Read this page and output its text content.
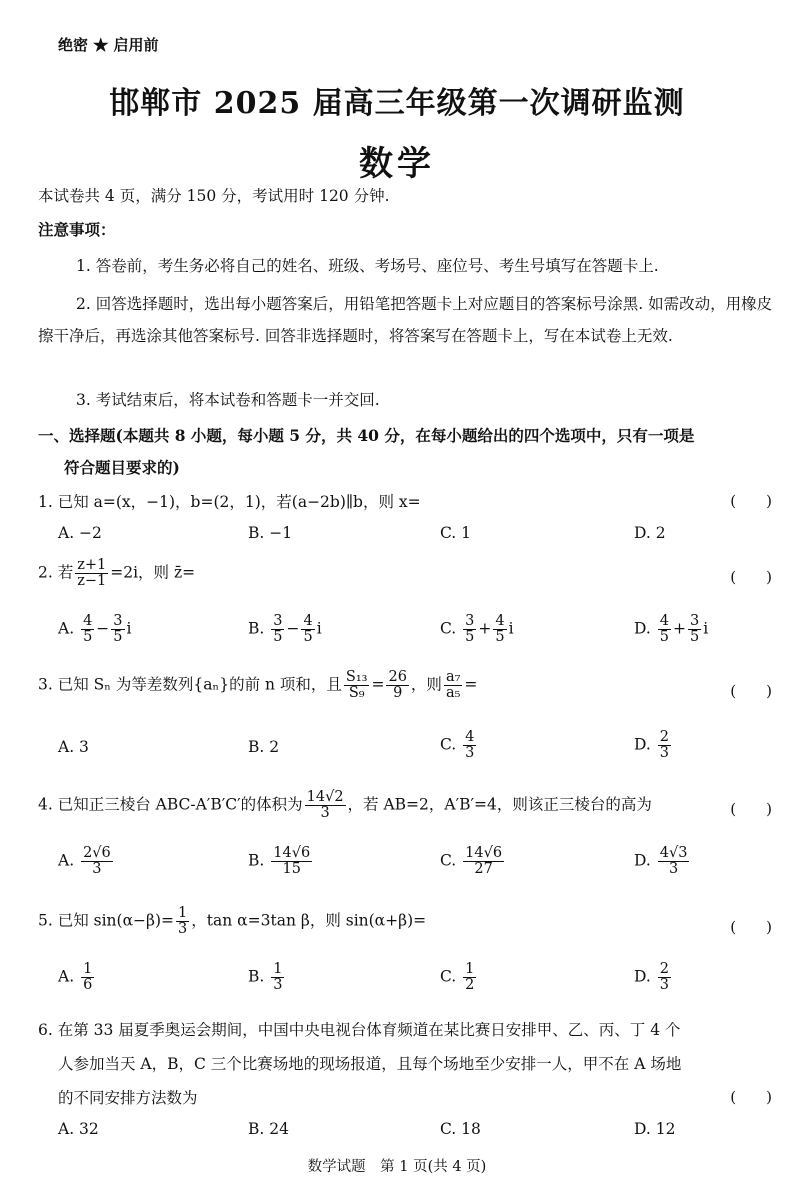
绝密 ★ 启用前
邯郸市 2025 届高三年级第一次调研监测
数学
本试卷共 4 页，满分 150 分，考试用时 120 分钟.
注意事项：
1. 答卷前，考生务必将自己的姓名、班级、考场号、座位号、考生号填写在答题卡上.
2. 回答选择题时，选出每小题答案后，用铅笔把答题卡上对应题目的答案标号涂黑. 如需改动，用橡皮擦干净后，再选涂其他答案标号. 回答非选择题时，将答案写在答题卡上，写在本试卷上无效.
3. 考试结束后，将本试卷和答题卡一并交回.
一、选择题(本题共 8 小题，每小题 5 分，共 40 分，在每小题给出的四个选项中，只有一项是
符合题目要求的)
1. 已知 a=(x，−1)，b=(2，1)，若(a−2b)∥b，则 x=	(　　)
A. −2	B. −1	C. 1	D. 2
2. 若 $\frac{z+1}{z-1} =2i$，则 z̄=	(　　)
A. $\frac{4}{5} - \frac{3}{5}$ i	B. $\frac{3}{5} - \frac{4}{5}$ i	C. $\frac{3}{5} + \frac{4}{5}$ i	D. $\frac{4}{5} + \frac{3}{5}$ i
3. 已知 Sₙ 为等差数列{aₙ}的前 n 项和，且 $\frac{\text{S₁₃}}{\text{S₉}} = \frac{26}{9}$ ，则 $\frac{\text{a₇}}{\text{a₅}}$ =	(　　)
A. 3	B. 2	C. $\frac{4}{3}$	D. $\frac{2}{3}$
4. 已知正三棱台 ABC-A′B′C′的体积为 $\frac{14√2}{3}$ ，若 AB=2，A′B′=4，则该正三棱台的高为	(　　)
A. $\frac{2√6}{3}$	B. $\frac{14√6}{15}$	C. $\frac{14√6}{27}$	D. $\frac{4√3}{3}$
5. 已知 $\sin(\alpha-\beta)= \frac{1}{3}$ ，tan α=3tan β，则 sin(α+β)=	(　　)
A. $\frac{1}{6}$	B. $\frac{1}{3}$	C. $\frac{1}{2}$	D. $\frac{2}{3}$
6. 在第 33 届夏季奥运会期间，中国中央电视台体育频道在某比赛日安排甲、乙、丙、丁 4 个
人参加当天 A，B，C 三个比赛场地的现场报道，且每个场地至少安排一人，甲不在 A 场地
的不同安排方法数为	(　　)
A. 32	B. 24	C. 18	D. 12
数学试题　第 1 页(共 4 页)
